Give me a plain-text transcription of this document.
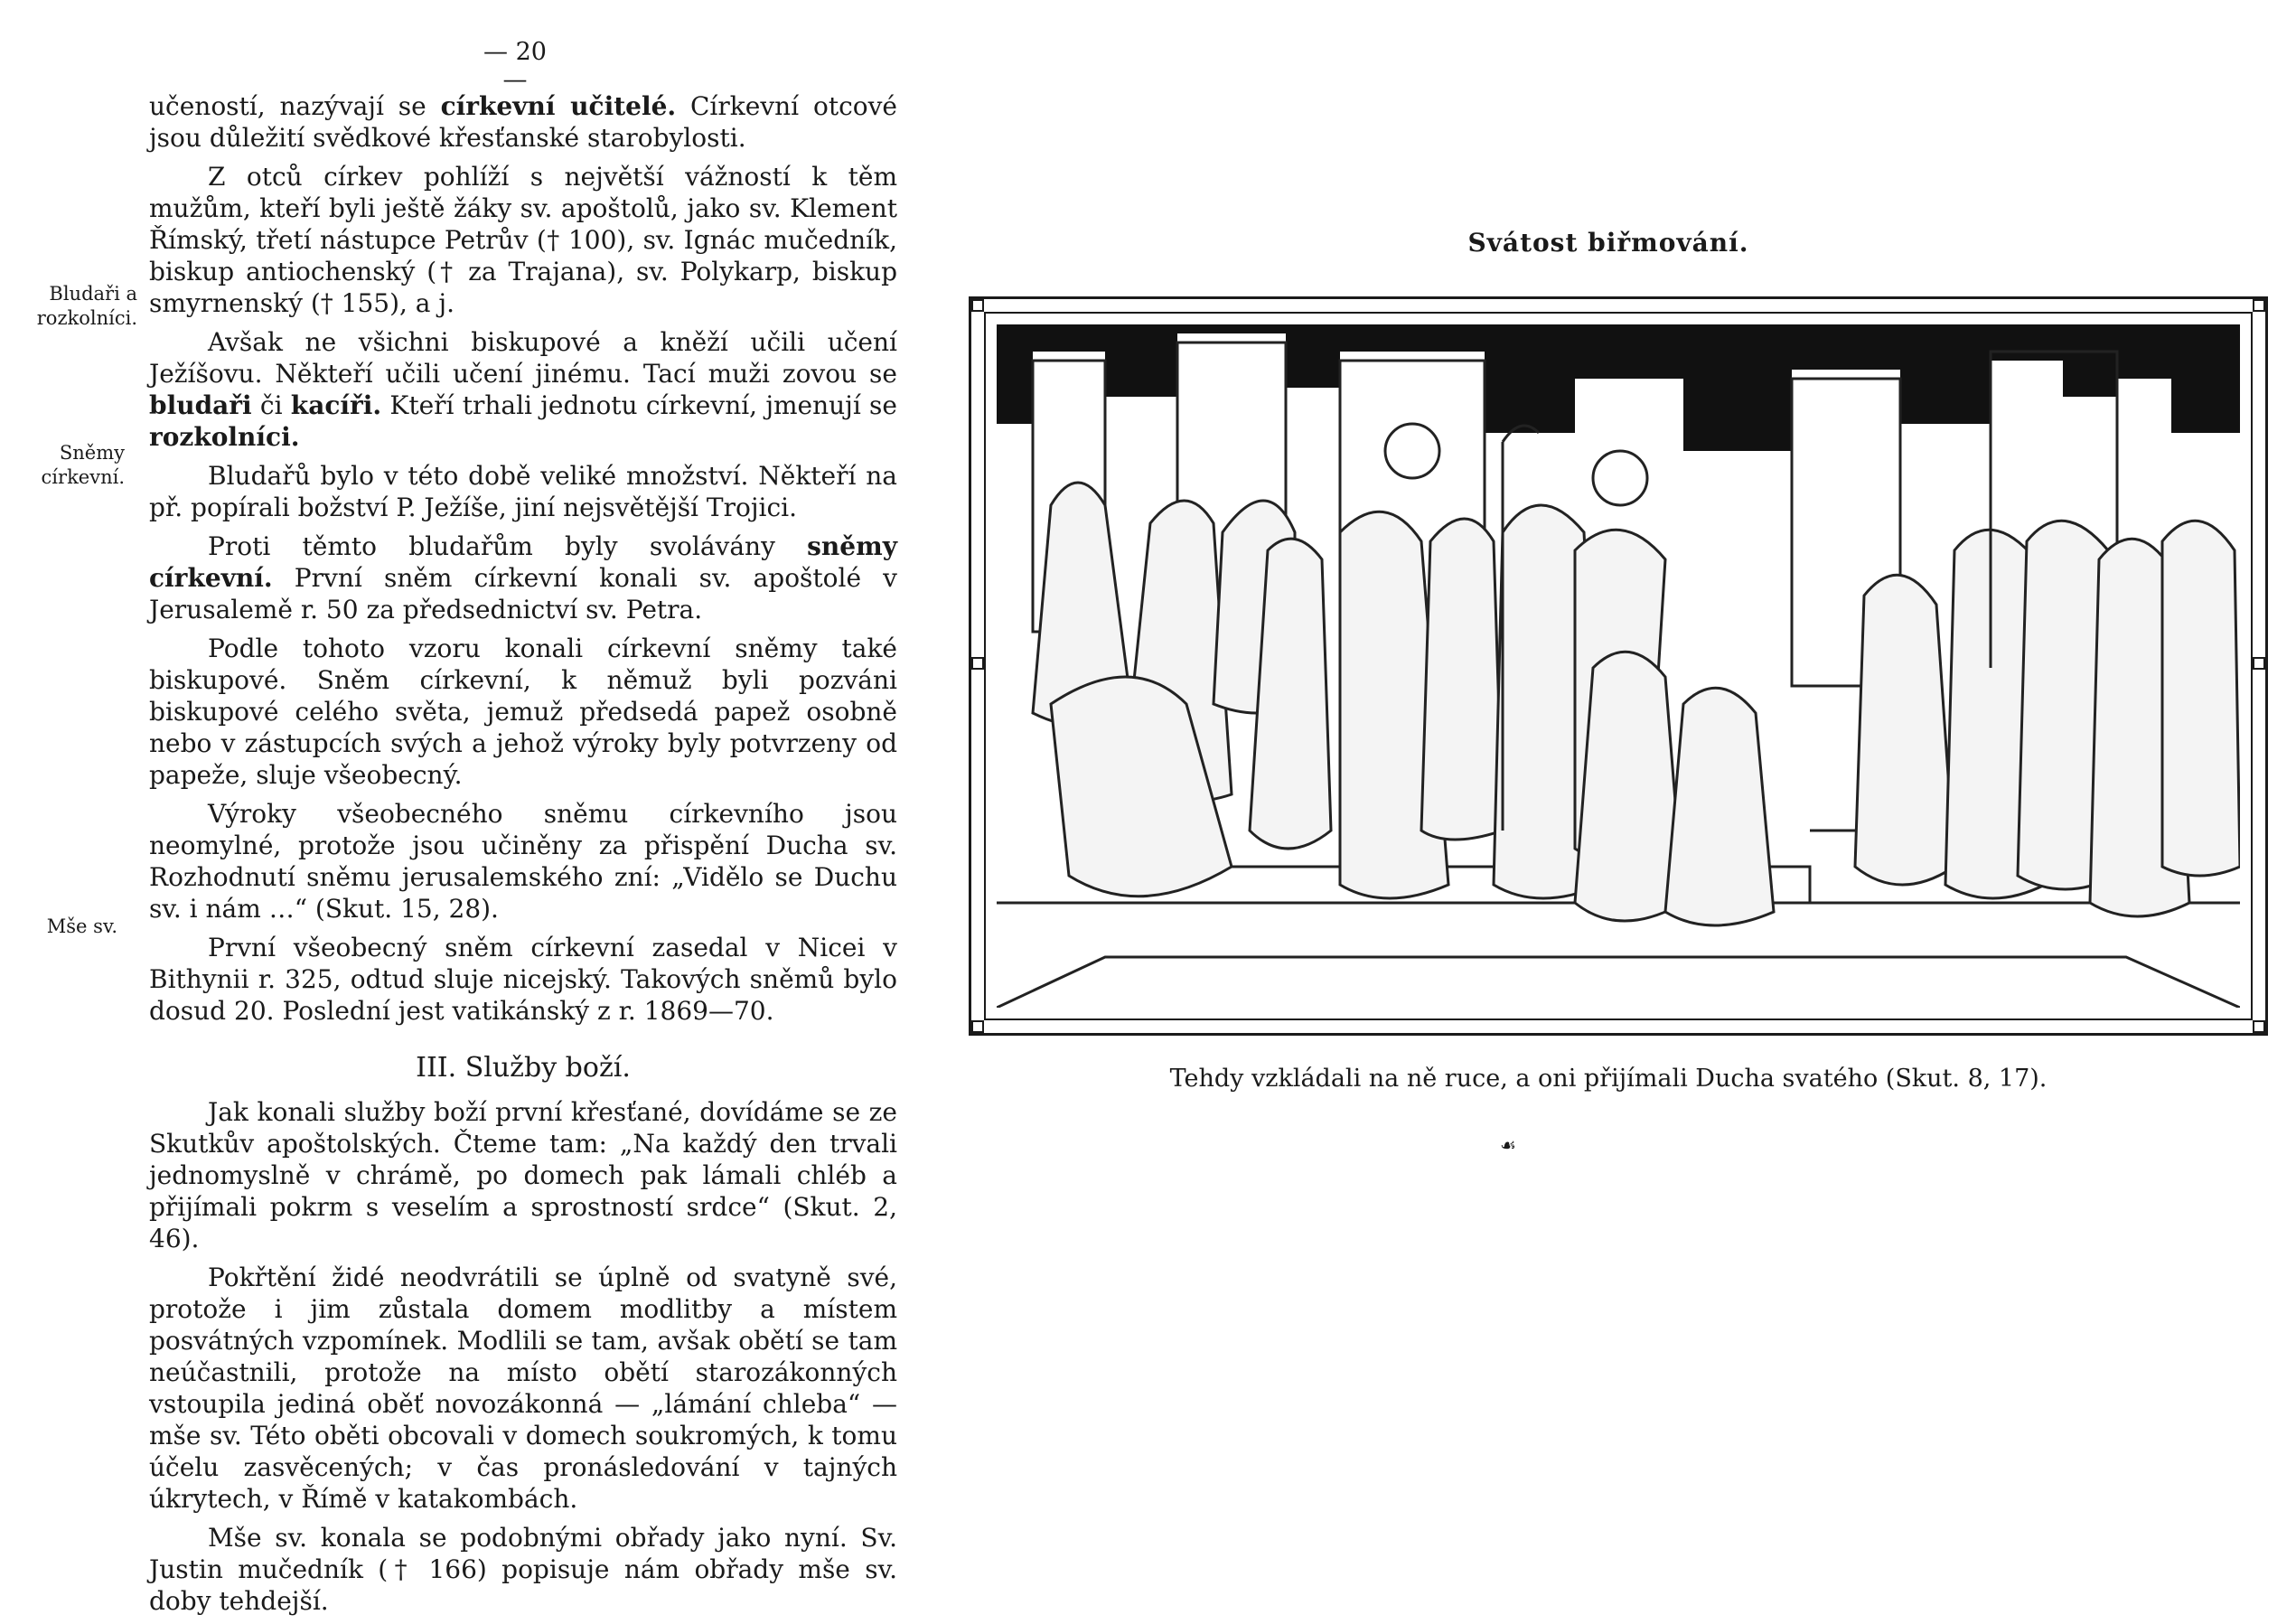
— 20 —
Bludaři a
rozkolníci.
Sněmy
církevní.
Mše sv.

učeností, nazývají se církevní učitelé. Církevní otcové jsou důležití svědkové křesťanské starobylosti.

Z otců církev pohlíží s největší vážností k těm mužům, kteří byli ještě žáky sv. apoštolů, jako sv. Klement Římský, třetí nástupce Petrův († 100), sv. Ignác mučedník, biskup antiochenský († za Trajana), sv. Polykarp, biskup smyrnenský († 155), a j.

Avšak ne všichni biskupové a kněží učili učení Ježíšovu. Někteří učili učení jinému. Tací muži zovou se bludaři či kacíři. Kteří trhali jednotu církevní, jmenují se rozkolníci.

Bludařů bylo v této době veliké množství. Někteří na př. popírali božství P. Ježíše, jiní nejsvětější Trojici.

Proti těmto bludařům byly svolávány sněmy církevní. První sněm církevní konali sv. apoštolé v Jerusalemě r. 50 za předsednictví sv. Petra.

Podle tohoto vzoru konali církevní sněmy také biskupové. Sněm církevní, k němuž byli pozváni biskupové celého světa, jemuž předsedá papež osobně nebo v zástupcích svých a jehož výroky byly potvrzeny od papeže, sluje všeobecný.

Výroky všeobecného sněmu církevního jsou neomylné, protože jsou učiněny za přispění Ducha sv. Rozhodnutí sněmu jerusalemského zní: „Vidělo se Duchu sv. i nám …“ (Skut. 15, 28).

První všeobecný sněm církevní zasedal v Nicei v Bithynii r. 325, odtud sluje nicejský. Takových sněmů bylo dosud 20. Poslední jest vatikánský z r. 1869—70.

III. Služby boží.

Jak konali služby boží první křesťané, dovídáme se ze Skutkův apoštolských. Čteme tam: „Na každý den trvali jednomyslně v chrámě, po domech pak lámali chléb a přijímali pokrm s veselím a sprostností srdce“ (Skut. 2, 46).

Pokřtění židé neodvrátili se úplně od svatyně své, protože i jim zůstala domem modlitby a místem posvátných vzpomínek. Modlili se tam, avšak obětí se tam neúčastnili, protože na místo obětí starozákonných vstoupila jediná oběť novozákonná — „lámání chleba“ — mše sv. Této oběti obcovali v domech soukromých, k tomu účelu zasvěcených; v čas pronásledování v tajných úkrytech, v Římě v katakombách.

Mše sv. konala se podobnými obřady jako nyní. Sv. Justin mučedník († 166) popisuje nám obřady mše sv. doby tehdejší.

Svátost biřmování.
Tehdy vzkládali na ně ruce, a oni přijímali Ducha svatého (Skut. 8, 17).
☙
